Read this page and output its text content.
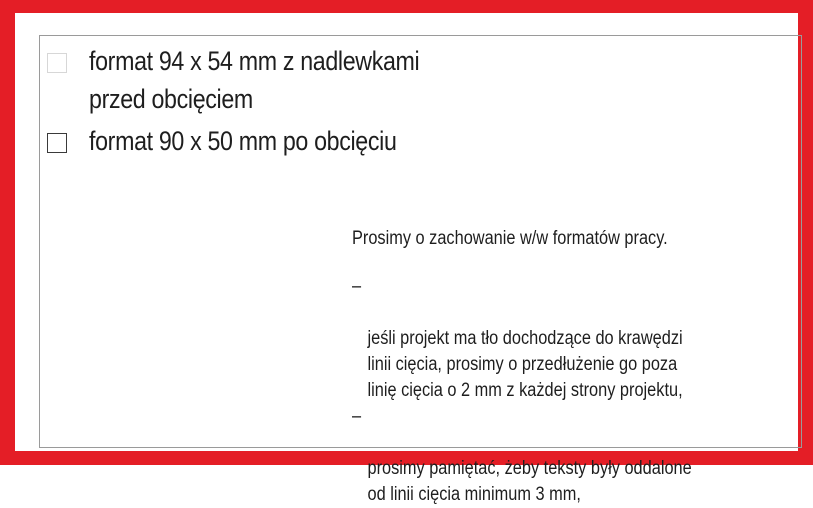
format 94 x 54 mm z nadlewkami
przed obcięciem
format 90 x 50 mm po obcięciu
Prosimy o zachowanie w/w formatów pracy.

–

jeśli projekt ma tło dochodzące do krawędzi
linii cięcia, prosimy o przedłużenie go poza
linię cięcia o 2 mm z każdej strony projektu,

–

prosimy pamiętać, żeby teksty były oddalone
od linii cięcia minimum 3 mm,
